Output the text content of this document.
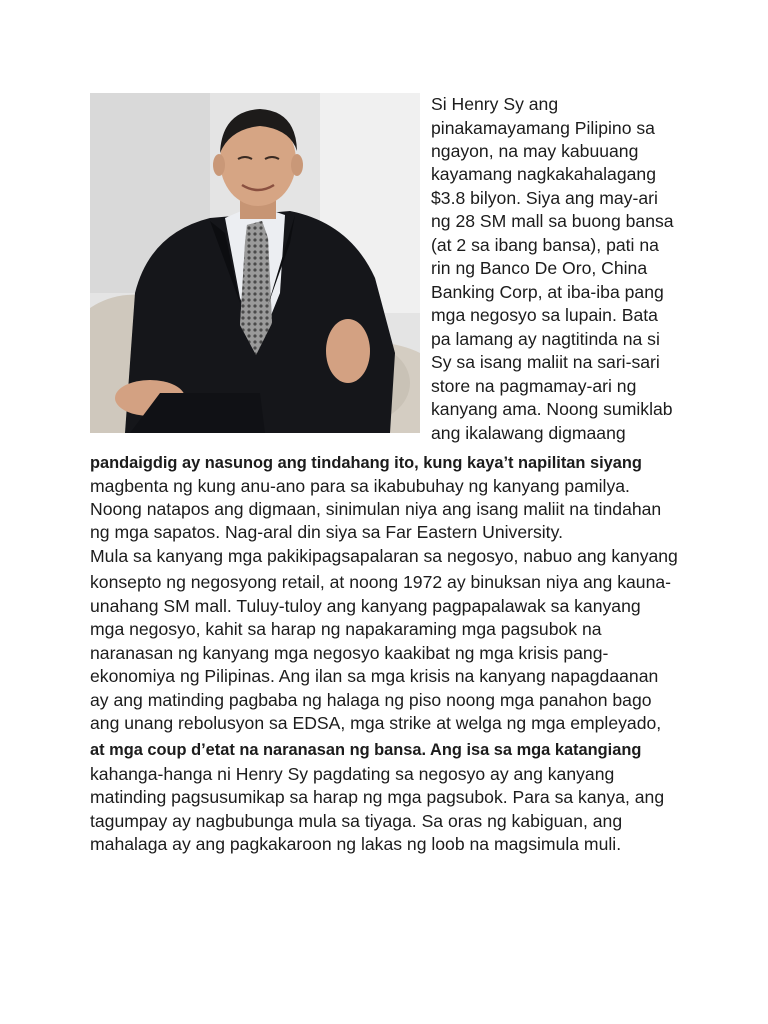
Si Henry Sy ang
pinakamayamang Pilipino sa
ngayon, na may kabuuang
kayamang nagkakahalagang
$3.8 bilyon. Siya ang may-ari
ng 28 SM mall sa buong bansa
(at 2 sa ibang bansa), pati na
rin ng Banco De Oro, China
Banking Corp, at iba-iba pang
mga negosyo sa lupain. Bata
pa lamang ay nagtitinda na si
Sy sa isang maliit na sari-sari
store na pagmamay-ari ng
kanyang ama. Noong sumiklab
ang ikalawang digmaang
pandaigdig ay nasunog ang tindahang ito, kung kaya’t napilitan siyang
magbenta ng kung anu-ano para sa ikabubuhay ng kanyang pamilya.
Noong natapos ang digmaan, sinimulan niya ang isang maliit na tindahan
ng mga sapatos. Nag-aral din siya sa Far Eastern University.
Mula sa kanyang mga pakikipagsapalaran sa negosyo, nabuo ang kanyang
konsepto ng negosyong retail, at noong 1972 ay binuksan niya ang kauna-
unahang SM mall. Tuluy-tuloy ang kanyang pagpapalawak sa kanyang
mga negosyo, kahit sa harap ng napakaraming mga pagsubok na
naranasan ng kanyang mga negosyo kaakibat ng mga krisis pang-
ekonomiya ng Pilipinas. Ang ilan sa mga krisis na kanyang napagdaanan
ay ang matinding pagbaba ng halaga ng piso noong mga panahon bago
ang unang rebolusyon sa EDSA, mga strike at welga ng mga empleyado,
at mga coup d’etat na naranasan ng bansa. Ang isa sa mga katangiang
kahanga-hanga ni Henry Sy pagdating sa negosyo ay ang kanyang
matinding pagsusumikap sa harap ng mga pagsubok. Para sa kanya, ang
tagumpay ay nagbubunga mula sa tiyaga. Sa oras ng kabiguan, ang
mahalaga ay ang pagkakaroon ng lakas ng loob na magsimula muli.
